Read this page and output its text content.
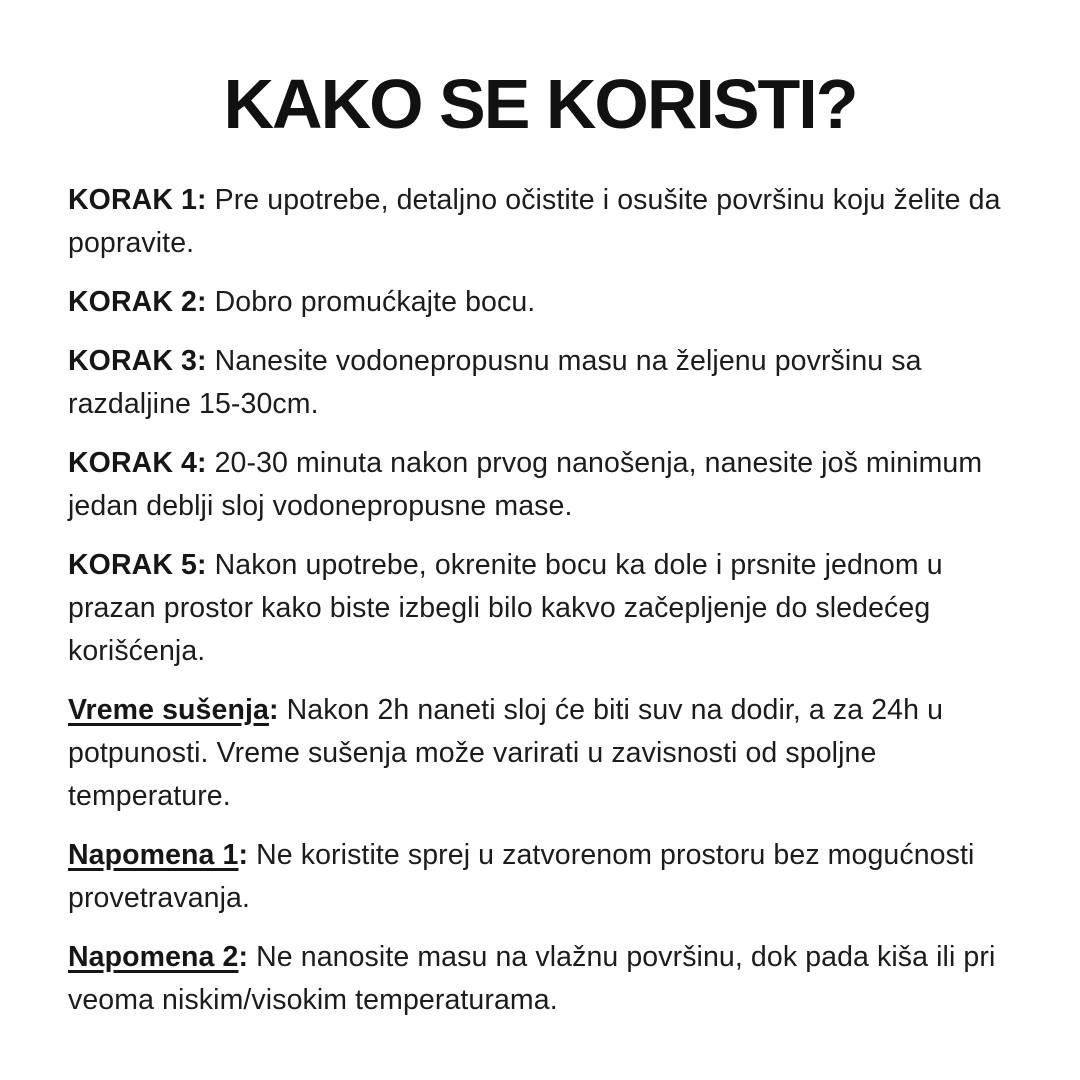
KAKO SE KORISTI?

KORAK 1: Pre upotrebe, detaljno očistite i osušite površinu koju želite da popravite.

KORAK 2: Dobro promućkajte bocu.

KORAK 3: Nanesite vodonepropusnu masu na željenu površinu sa razdaljine 15-30cm.

KORAK 4: 20-30 minuta nakon prvog nanošenja, nanesite još minimum jedan deblji sloj vodonepropusne mase.

KORAK 5: Nakon upotrebe, okrenite bocu ka dole i prsnite jednom u prazan prostor kako biste izbegli bilo kakvo začepljenje do sledećeg korišćenja.

Vreme sušenja: Nakon 2h naneti sloj će biti suv na dodir, a za 24h u potpunosti. Vreme sušenja može varirati u zavisnosti od spoljne temperature.

Napomena 1: Ne koristite sprej u zatvorenom prostoru bez mogućnosti provetravanja.

Napomena 2: Ne nanosite masu na vlažnu površinu, dok pada kiša ili pri veoma niskim/visokim temperaturama.
